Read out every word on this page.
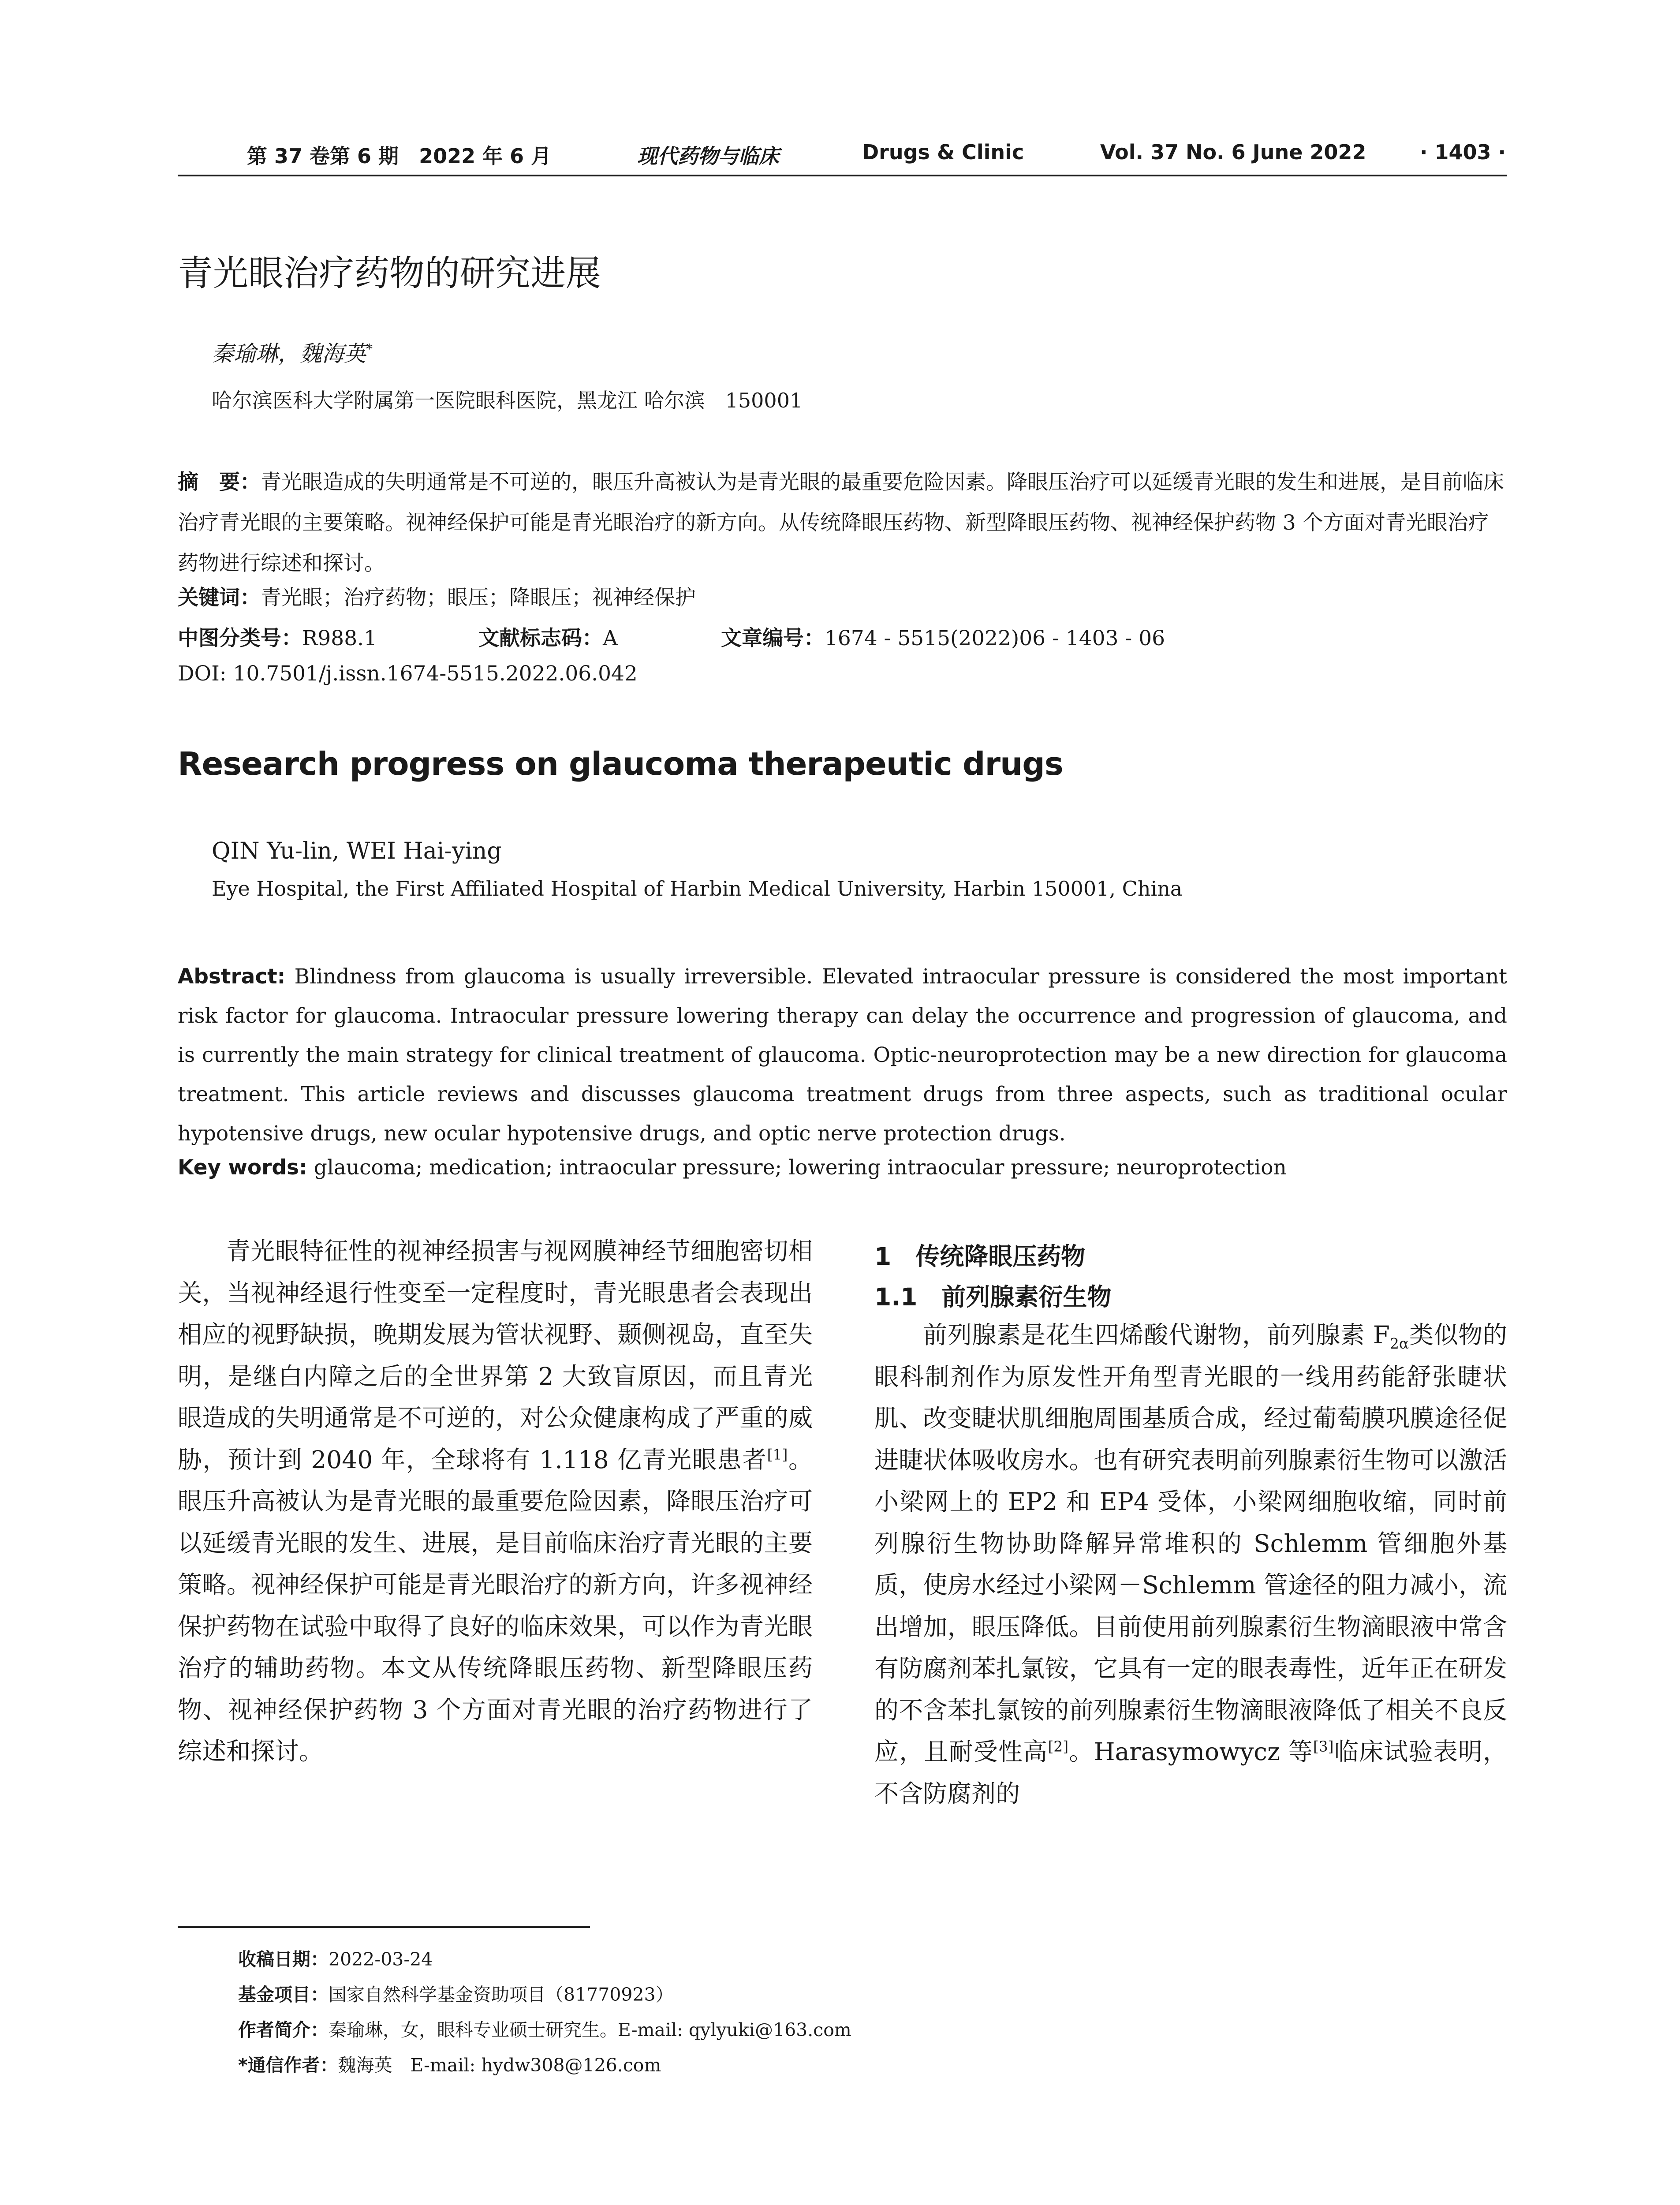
第 37 卷第 6 期　2022 年 6 月	现代药物与临床	Drugs & Clinic	Vol. 37 No. 6 June 2022	· 1403 ·
青光眼治疗药物的研究进展
秦瑜琳，魏海英*
哈尔滨医科大学附属第一医院眼科医院，黑龙江 哈尔滨　150001
摘　要：青光眼造成的失明通常是不可逆的，眼压升高被认为是青光眼的最重要危险因素。降眼压治疗可以延缓青光眼的发生和进展，是目前临床治疗青光眼的主要策略。视神经保护可能是青光眼治疗的新方向。从传统降眼压药物、新型降眼压药物、视神经保护药物 3 个方面对青光眼治疗药物进行综述和探讨。
关键词：青光眼；治疗药物；眼压；降眼压；视神经保护
中图分类号：R988.1	文献标志码：A	文章编号：1674 - 5515(2022)06 - 1403 - 06
DOI: 10.7501/j.issn.1674-5515.2022.06.042
Research progress on glaucoma therapeutic drugs
QIN Yu-lin, WEI Hai-ying
Eye Hospital, the First Affiliated Hospital of Harbin Medical University, Harbin 150001, China
Abstract: Blindness from glaucoma is usually irreversible. Elevated intraocular pressure is considered the most important risk factor for glaucoma. Intraocular pressure lowering therapy can delay the occurrence and progression of glaucoma, and is currently the main strategy for clinical treatment of glaucoma. Optic-neuroprotection may be a new direction for glaucoma treatment. This article reviews and discusses glaucoma treatment drugs from three aspects, such as traditional ocular hypotensive drugs, new ocular hypotensive drugs, and optic nerve protection drugs.
Key words: glaucoma; medication; intraocular pressure; lowering intraocular pressure; neuroprotection
青光眼特征性的视神经损害与视网膜神经节细胞密切相关，当视神经退行性变至一定程度时，青光眼患者会表现出相应的视野缺损，晚期发展为管状视野、颞侧视岛，直至失明，是继白内障之后的全世界第 2 大致盲原因，而且青光眼造成的失明通常是不可逆的，对公众健康构成了严重的威胁，预计到 2040 年，全球将有 1.118 亿青光眼患者[1]。眼压升高被认为是青光眼的最重要危险因素，降眼压治疗可以延缓青光眼的发生、进展，是目前临床治疗青光眼的主要策略。视神经保护可能是青光眼治疗的新方向，许多视神经保护药物在试验中取得了良好的临床效果，可以作为青光眼治疗的辅助药物。本文从传统降眼压药物、新型降眼压药物、视神经保护药物 3 个方面对青光眼的治疗药物进行了综述和探讨。
1　传统降眼压药物
1.1　前列腺素衍生物
前列腺素是花生四烯酸代谢物，前列腺素 $F_{2\alpha}$类似物的眼科制剂作为原发性开角型青光眼的一线用药能舒张睫状肌、改变睫状肌细胞周围基质合成，经过葡萄膜巩膜途径促进睫状体吸收房水。也有研究表明前列腺素衍生物可以激活小梁网上的 EP2 和 EP4 受体，小梁网细胞收缩，同时前列腺衍生物协助降解异常堆积的 Schlemm 管细胞外基质，使房水经过小梁网－Schlemm 管途径的阻力减小，流出增加，眼压降低。目前使用前列腺素衍生物滴眼液中常含有防腐剂苯扎氯铵，它具有一定的眼表毒性，近年正在研发的不含苯扎氯铵的前列腺素衍生物滴眼液降低了相关不良反应，且耐受性高[2]。Harasymowycz 等[3]临床试验表明，不含防腐剂的
收稿日期：2022-03-24
基金项目：国家自然科学基金资助项目（81770923）
作者简介：秦瑜琳，女，眼科专业硕士研究生。E-mail: qylyuki@163.com
*通信作者：魏海英　E-mail: hydw308@126.com
